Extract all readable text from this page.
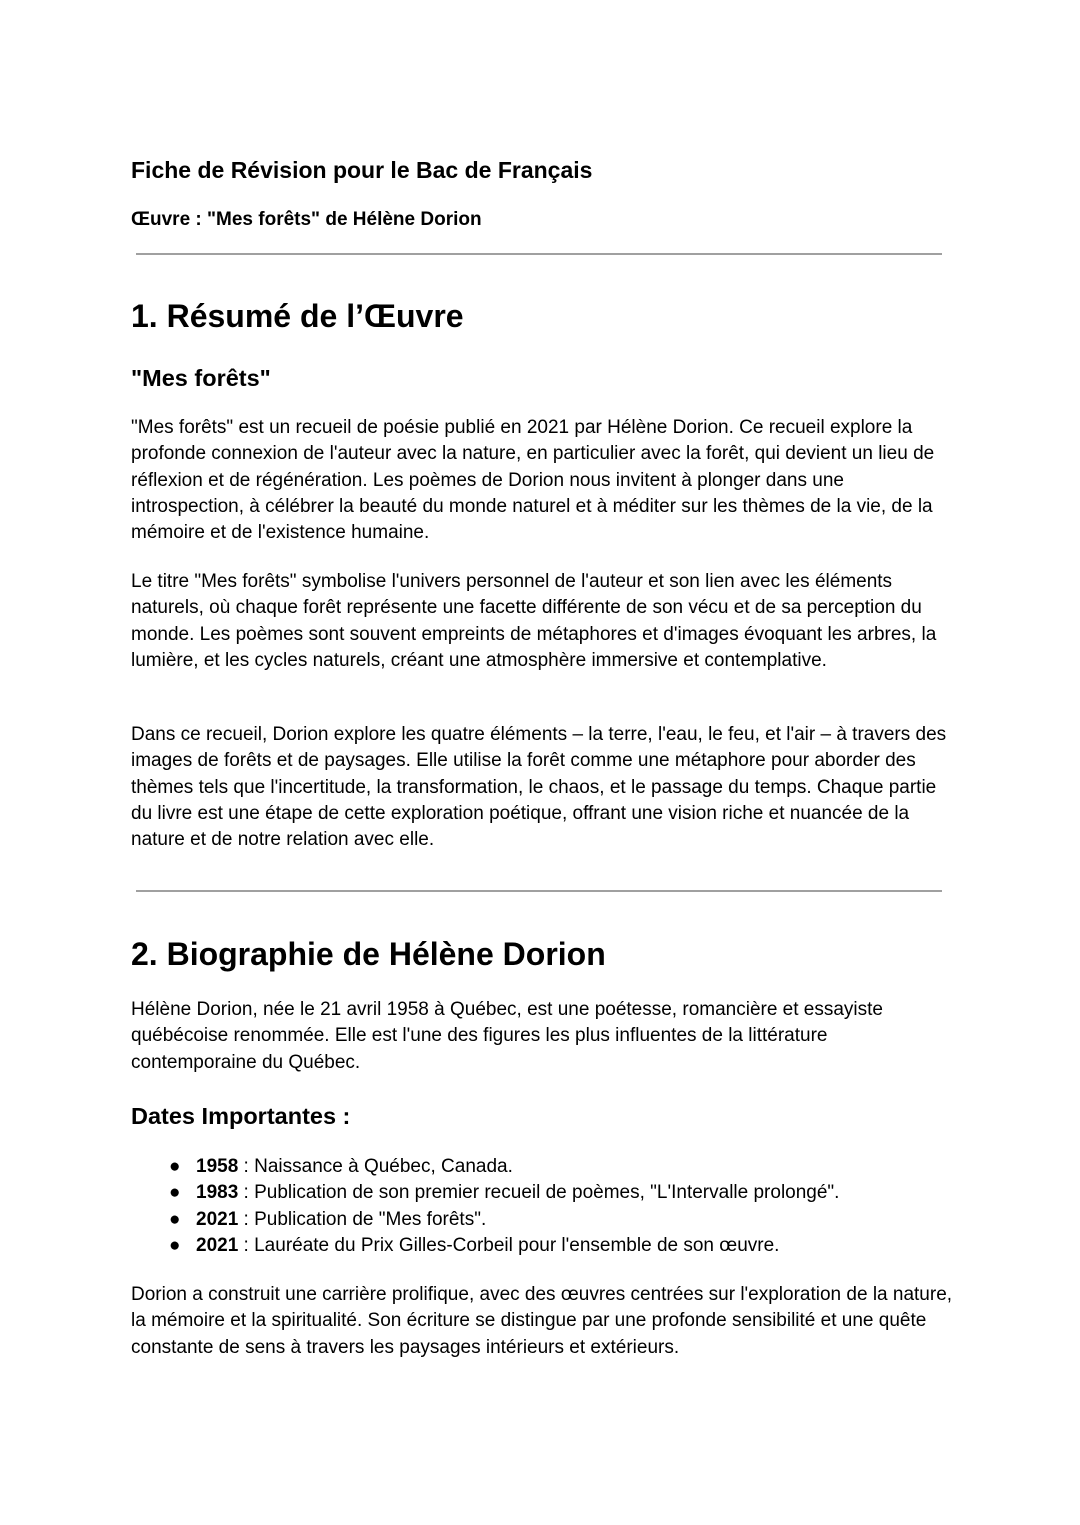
Fiche de Révision pour le Bac de Français
Œuvre : "Mes forêts" de Hélène Dorion
1. Résumé de l’Œuvre
"Mes forêts"
"Mes forêts" est un recueil de poésie publié en 2021 par Hélène Dorion. Ce recueil explore la profonde connexion de l'auteur avec la nature, en particulier avec la forêt, qui devient un lieu de réflexion et de régénération. Les poèmes de Dorion nous invitent à plonger dans une introspection, à célébrer la beauté du monde naturel et à méditer sur les thèmes de la vie, de la mémoire et de l'existence humaine.
Le titre "Mes forêts" symbolise l'univers personnel de l'auteur et son lien avec les éléments naturels, où chaque forêt représente une facette différente de son vécu et de sa perception du monde. Les poèmes sont souvent empreints de métaphores et d'images évoquant les arbres, la lumière, et les cycles naturels, créant une atmosphère immersive et contemplative.
Dans ce recueil, Dorion explore les quatre éléments – la terre, l'eau, le feu, et l'air – à travers des images de forêts et de paysages. Elle utilise la forêt comme une métaphore pour aborder des thèmes tels que l'incertitude, la transformation, le chaos, et le passage du temps. Chaque partie du livre est une étape de cette exploration poétique, offrant une vision riche et nuancée de la nature et de notre relation avec elle.
2. Biographie de Hélène Dorion
Hélène Dorion, née le 21 avril 1958 à Québec, est une poétesse, romancière et essayiste québécoise renommée. Elle est l'une des figures les plus influentes de la littérature contemporaine du Québec.
Dates Importantes :
● 1958 : Naissance à Québec, Canada.
● 1983 : Publication de son premier recueil de poèmes, "L'Intervalle prolongé".
● 2021 : Publication de "Mes forêts".
● 2021 : Lauréate du Prix Gilles-Corbeil pour l'ensemble de son œuvre.
Dorion a construit une carrière prolifique, avec des œuvres centrées sur l'exploration de la nature, la mémoire et la spiritualité. Son écriture se distingue par une profonde sensibilité et une quête constante de sens à travers les paysages intérieurs et extérieurs.
